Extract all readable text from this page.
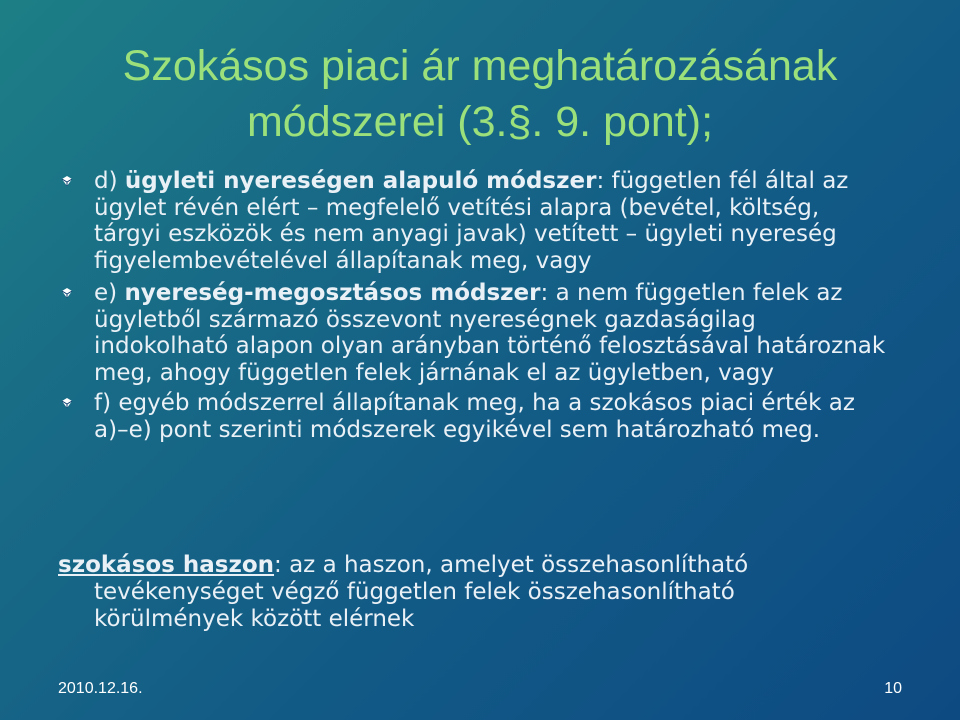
Szokásos piaci ár meghatározásának
módszerei (3.§. 9. pont);
d) ügyleti nyereségen alapuló módszer: független fél által az ügylet révén elért – megfelelő vetítési alapra (bevétel, költség, tárgyi eszközök és nem anyagi javak) vetített – ügyleti nyereség figyelembevételével állapítanak meg, vagy
e) nyereség-megosztásos módszer: a nem független felek az ügyletből származó összevont nyereségnek gazdaságilag indokolható alapon olyan arányban történő felosztásával határoznak meg, ahogy független felek járnának el az ügyletben, vagy
f) egyéb módszerrel állapítanak meg, ha a szokásos piaci érték az a)–e) pont szerinti módszerek egyikével sem határozható meg.
szokásos haszon: az a haszon, amelyet összehasonlítható
tevékenységet végző független felek összehasonlítható
körülmények között elérnek
2010.12.16.	10
